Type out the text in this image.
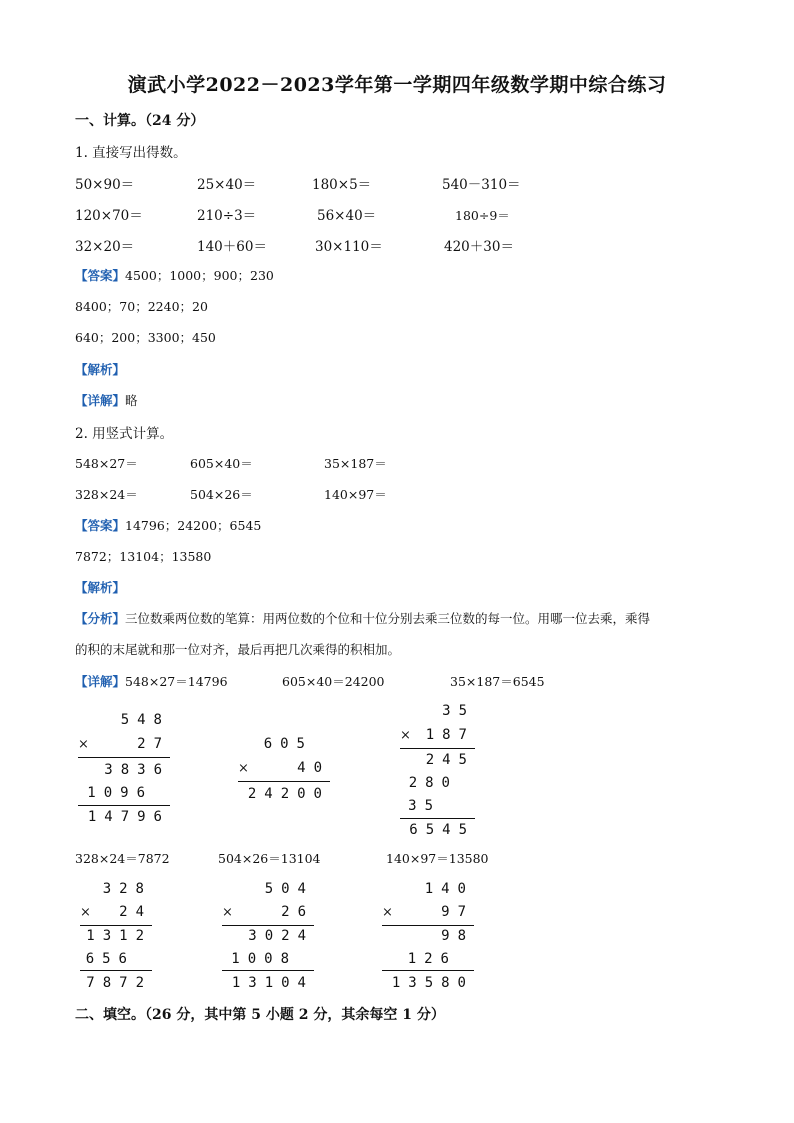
演武小学2022－2023学年第一学期四年级数学期中综合练习
一、计算。（24 分）
1. 直接写出得数。
50×90＝	25×40＝	180×5＝	540－310＝
120×70＝	210÷3＝	56×40＝	180÷9＝
32×20＝	140＋60＝	30×110＝	420＋30＝
【答案】4500；1000；900；230
8400；70；2240；20
640；200；3300；450
【解析】
【详解】略
2. 用竖式计算。
548×27＝	605×40＝	35×187＝
328×24＝	504×26＝	140×97＝
【答案】14796；24200；6545
7872；13104；13580
【解析】
【分析】三位数乘两位数的笔算：用两位数的个位和十位分别去乘三位数的每一位。用哪一位去乘，乘得
的积的末尾就和那一位对齐，最后再把几次乘得的积相加。
【详解】548×27＝14796	605×40＝24200	35×187＝6545
548
×	27
3836
1096
14796
605
×	40
24200
35
× 187
245
280
35
6545
328×24＝7872	504×26＝13104	140×97＝13580
328
× 24
1312
656
7872
504
×	26
3024
1008
13104
140
×	97
98
126
13580
二、填空。（26 分，其中第 5 小题 2 分，其余每空 1 分）
